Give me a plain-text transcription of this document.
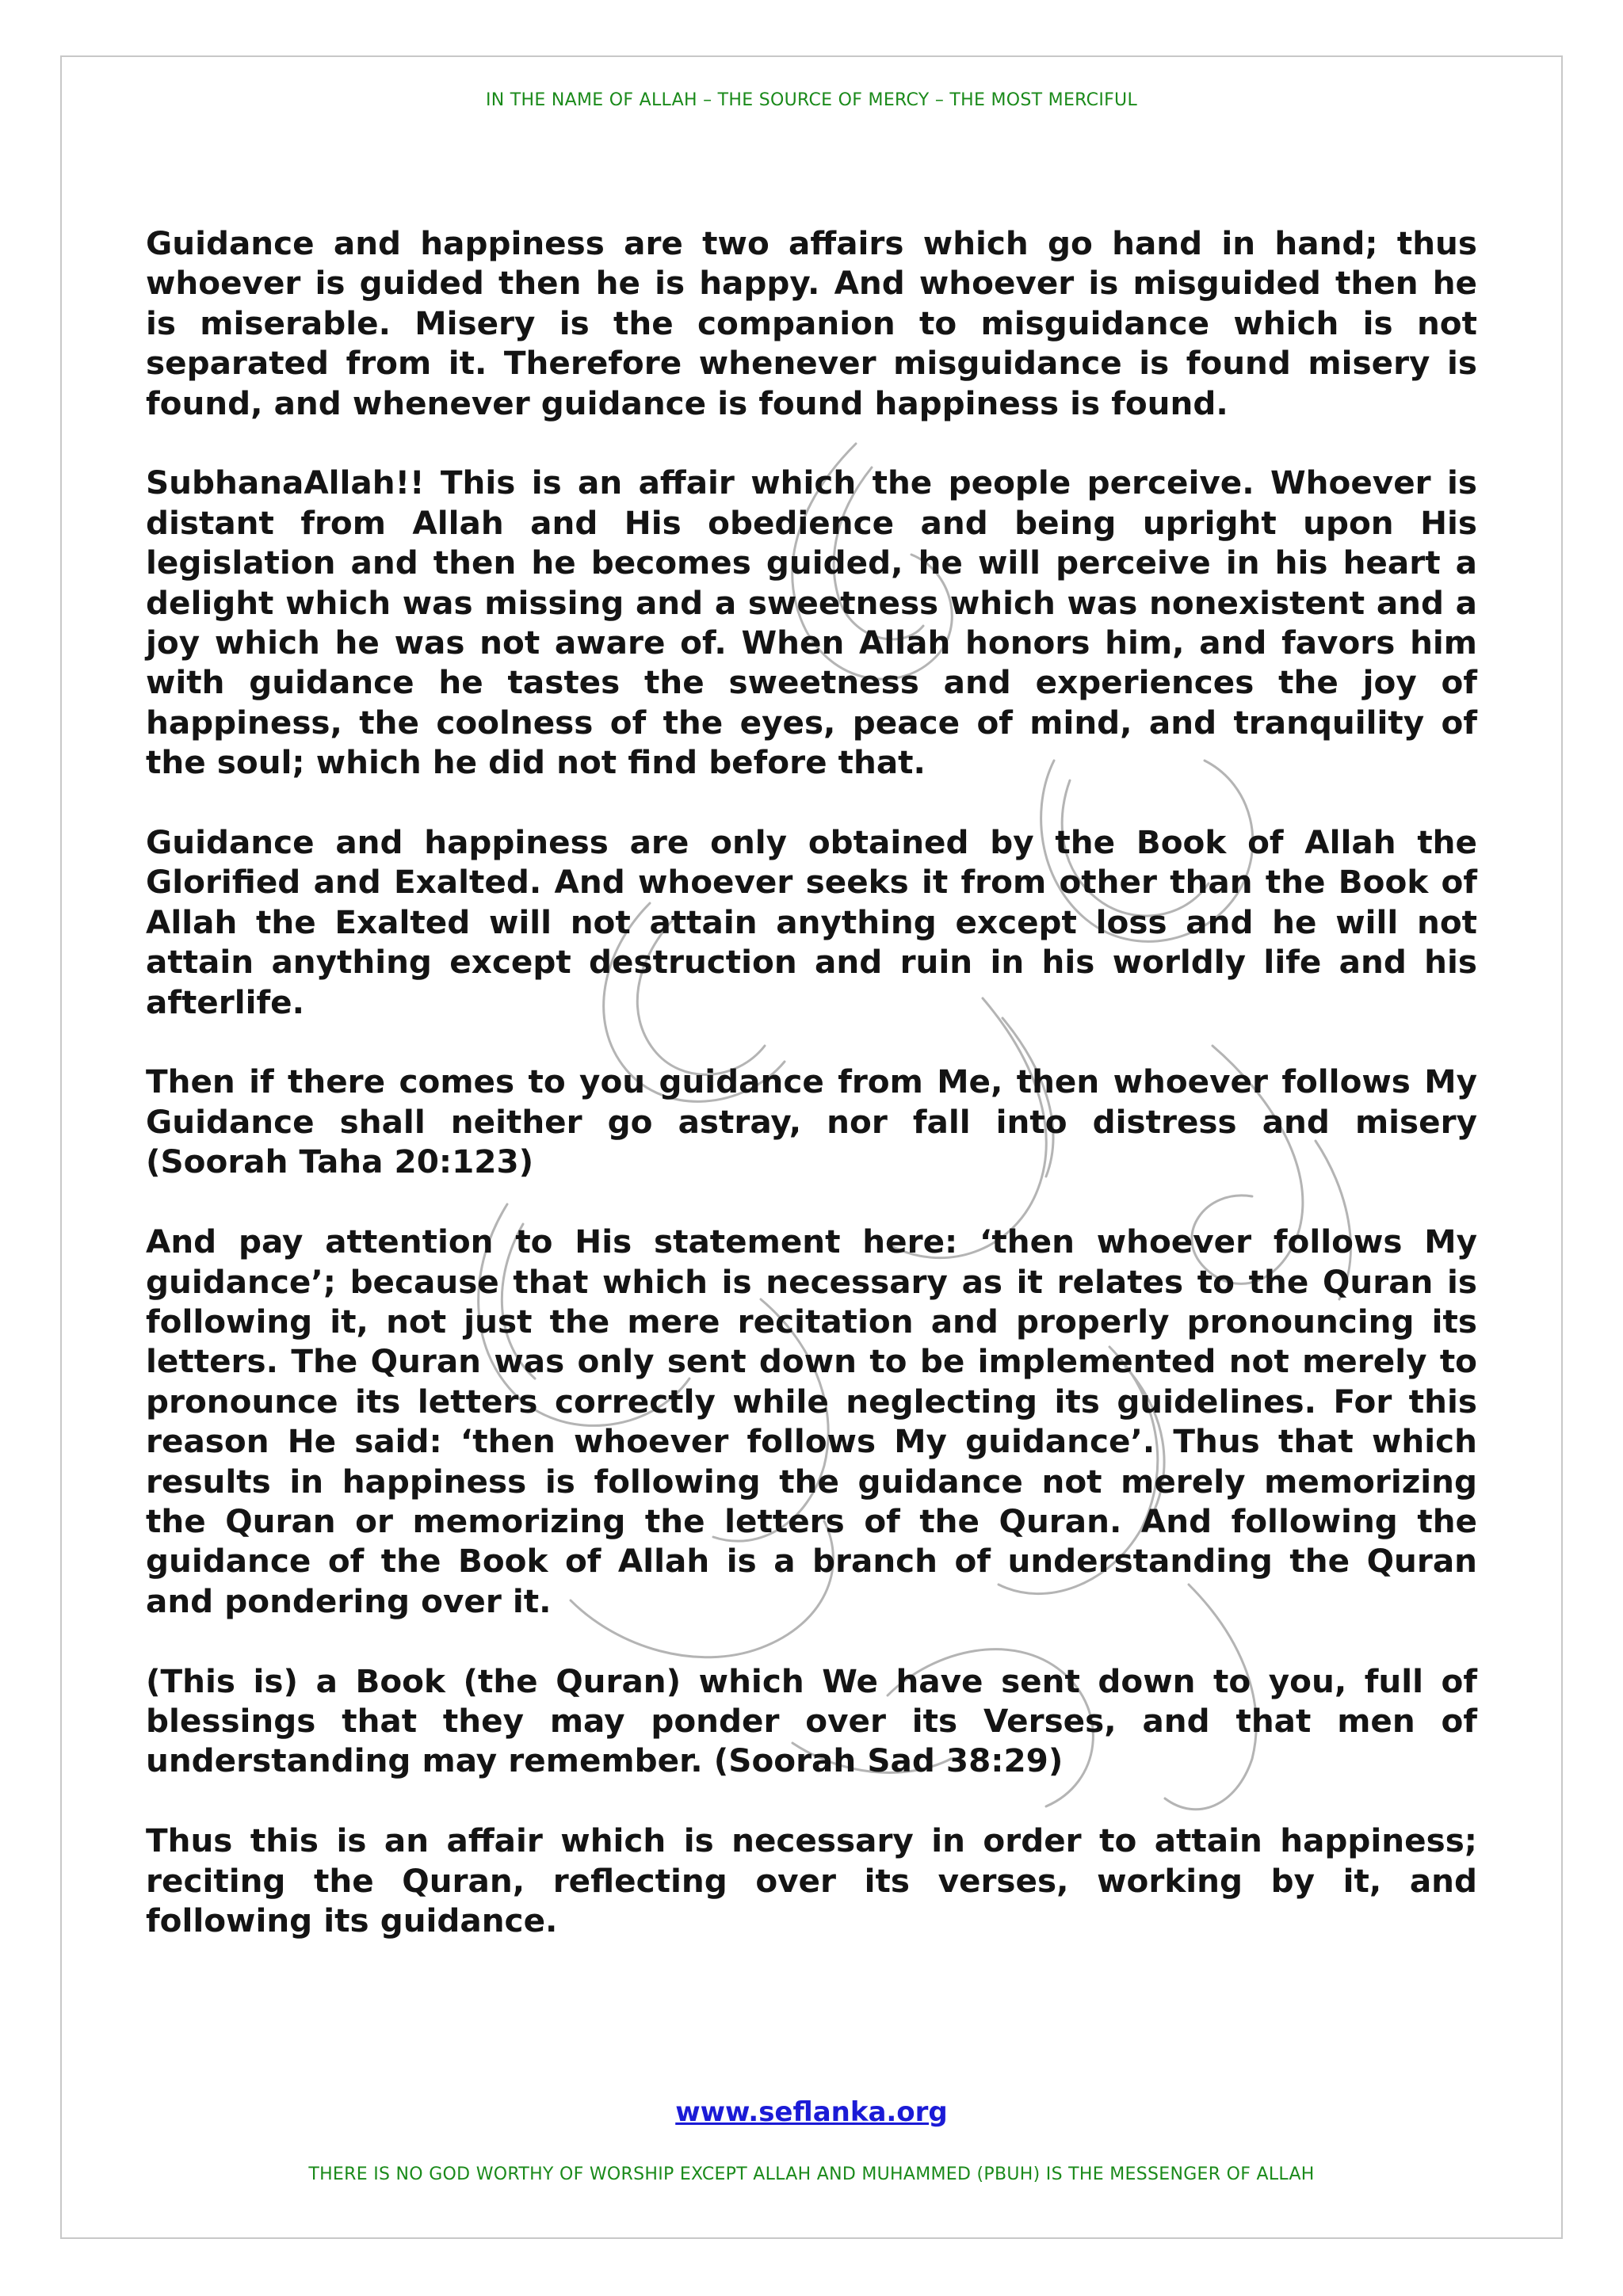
IN THE NAME OF ALLAH – THE SOURCE OF MERCY – THE MOST MERCIFUL

Guidance and happiness are two affairs which go hand in hand; thus whoever is guided then he is happy. And whoever is misguided then he is miserable. Misery is the companion to misguidance which is not separated from it. Therefore whenever misguidance is found misery is found, and whenever guidance is found happiness is found.

SubhanaAllah!! This is an affair which the people perceive. Whoever is distant from Allah and His obedience and being upright upon His legislation and then he becomes guided, he will perceive in his heart a delight which was missing and a sweetness which was nonexistent and a joy which he was not aware of. When Allah honors him, and favors him with guidance he tastes the sweetness and experiences the joy of happiness, the coolness of the eyes, peace of mind, and tranquility of the soul; which he did not find before that.

Guidance and happiness are only obtained by the Book of Allah the Glorified and Exalted. And whoever seeks it from other than the Book of Allah the Exalted will not attain anything except loss and he will not attain anything except destruction and ruin in his worldly life and his afterlife.

Then if there comes to you guidance from Me, then whoever follows My Guidance shall neither go astray, nor fall into distress and misery (Soorah Taha 20:123)

And pay attention to His statement here: ‘then whoever follows My guidance’; because that which is necessary as it relates to the Quran is following it, not just the mere recitation and properly pronouncing its letters. The Quran was only sent down to be implemented not merely to pronounce its letters correctly while neglecting its guidelines. For this reason He said: ‘then whoever follows My guidance’. Thus that which results in happiness is following the guidance not merely memorizing the Quran or memorizing the letters of the Quran. And following the guidance of the Book of Allah is a branch of understanding the Quran and pondering over it.

(This is) a Book (the Quran) which We have sent down to you, full of blessings that they may ponder over its Verses, and that men of understanding may remember. (Soorah Sad 38:29)

Thus this is an affair which is necessary in order to attain happiness; reciting the Quran, reflecting over its verses, working by it, and following its guidance.

www.seflanka.org
THERE IS NO GOD WORTHY OF WORSHIP EXCEPT ALLAH AND MUHAMMED (PBUH) IS THE MESSENGER OF ALLAH
